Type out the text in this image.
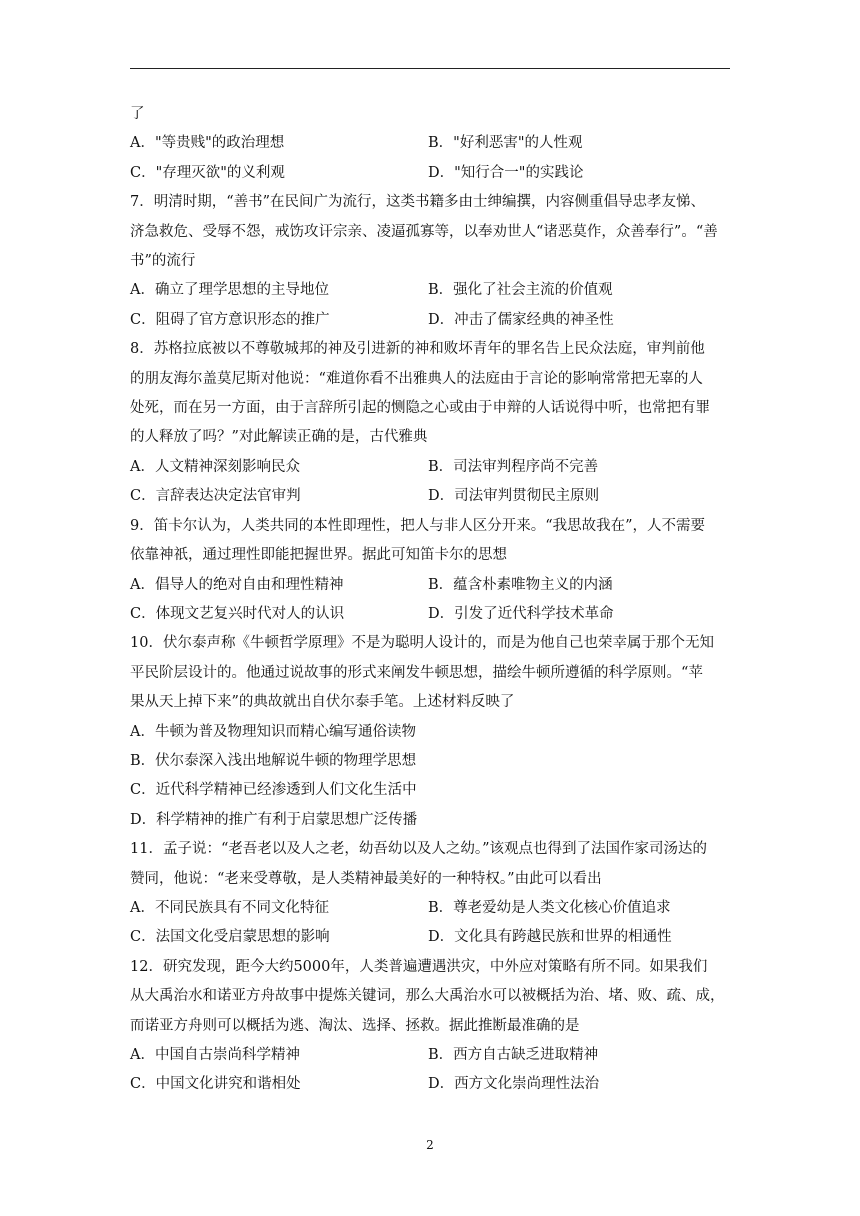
了
A．"等贵贱"的政治理想	B．"好利恶害"的人性观
C．"存理灭欲"的义利观	D．"知行合一"的实践论
7．明清时期，“善书”在民间广为流行，这类书籍多由士绅编撰，内容侧重倡导忠孝友悌、
济急救危、受辱不怨，戒饬攻讦宗亲、凌逼孤寡等，以奉劝世人“诸恶莫作，众善奉行”。“善
书”的流行
A．确立了理学思想的主导地位	B．强化了社会主流的价值观
C．阻碍了官方意识形态的推广	D．冲击了儒家经典的神圣性
8．苏格拉底被以不尊敬城邦的神及引进新的神和败坏青年的罪名告上民众法庭，审判前他
的朋友海尔盖莫尼斯对他说：“难道你看不出雅典人的法庭由于言论的影响常常把无辜的人
处死，而在另一方面，由于言辞所引起的恻隐之心或由于申辩的人话说得中听，也常把有罪
的人释放了吗？”对此解读正确的是，古代雅典
A．人文精神深刻影响民众	B．司法审判程序尚不完善
C．言辞表达决定法官审判	D．司法审判贯彻民主原则
9．笛卡尔认为，人类共同的本性即理性，把人与非人区分开来。“我思故我在”，人不需要
依靠神祇，通过理性即能把握世界。据此可知笛卡尔的思想
A．倡导人的绝对自由和理性精神	B．蕴含朴素唯物主义的内涵
C．体现文艺复兴时代对人的认识	D．引发了近代科学技术革命
10．伏尔泰声称《牛顿哲学原理》不是为聪明人设计的，而是为他自己也荣幸属于那个无知
平民阶层设计的。他通过说故事的形式来阐发牛顿思想，描绘牛顿所遵循的科学原则。“苹
果从天上掉下来”的典故就出自伏尔泰手笔。上述材料反映了
A．牛顿为普及物理知识而精心编写通俗读物
B．伏尔泰深入浅出地解说牛顿的物理学思想
C．近代科学精神已经渗透到人们文化生活中
D．科学精神的推广有利于启蒙思想广泛传播
11．孟子说：“老吾老以及人之老，幼吾幼以及人之幼。”该观点也得到了法国作家司汤达的
赞同，他说：“老来受尊敬，是人类精神最美好的一种特权。”由此可以看出
A．不同民族具有不同文化特征	B．尊老爱幼是人类文化核心价值追求
C．法国文化受启蒙思想的影响	D．文化具有跨越民族和世界的相通性
12．研究发现，距今大约5000年，人类普遍遭遇洪灾，中外应对策略有所不同。如果我们
从大禹治水和诺亚方舟故事中提炼关键词，那么大禹治水可以被概括为治、堵、败、疏、成，
而诺亚方舟则可以概括为逃、淘汰、选择、拯救。据此推断最准确的是
A．中国自古崇尚科学精神	B．西方自古缺乏进取精神
C．中国文化讲究和谐相处	D．西方文化崇尚理性法治
2
